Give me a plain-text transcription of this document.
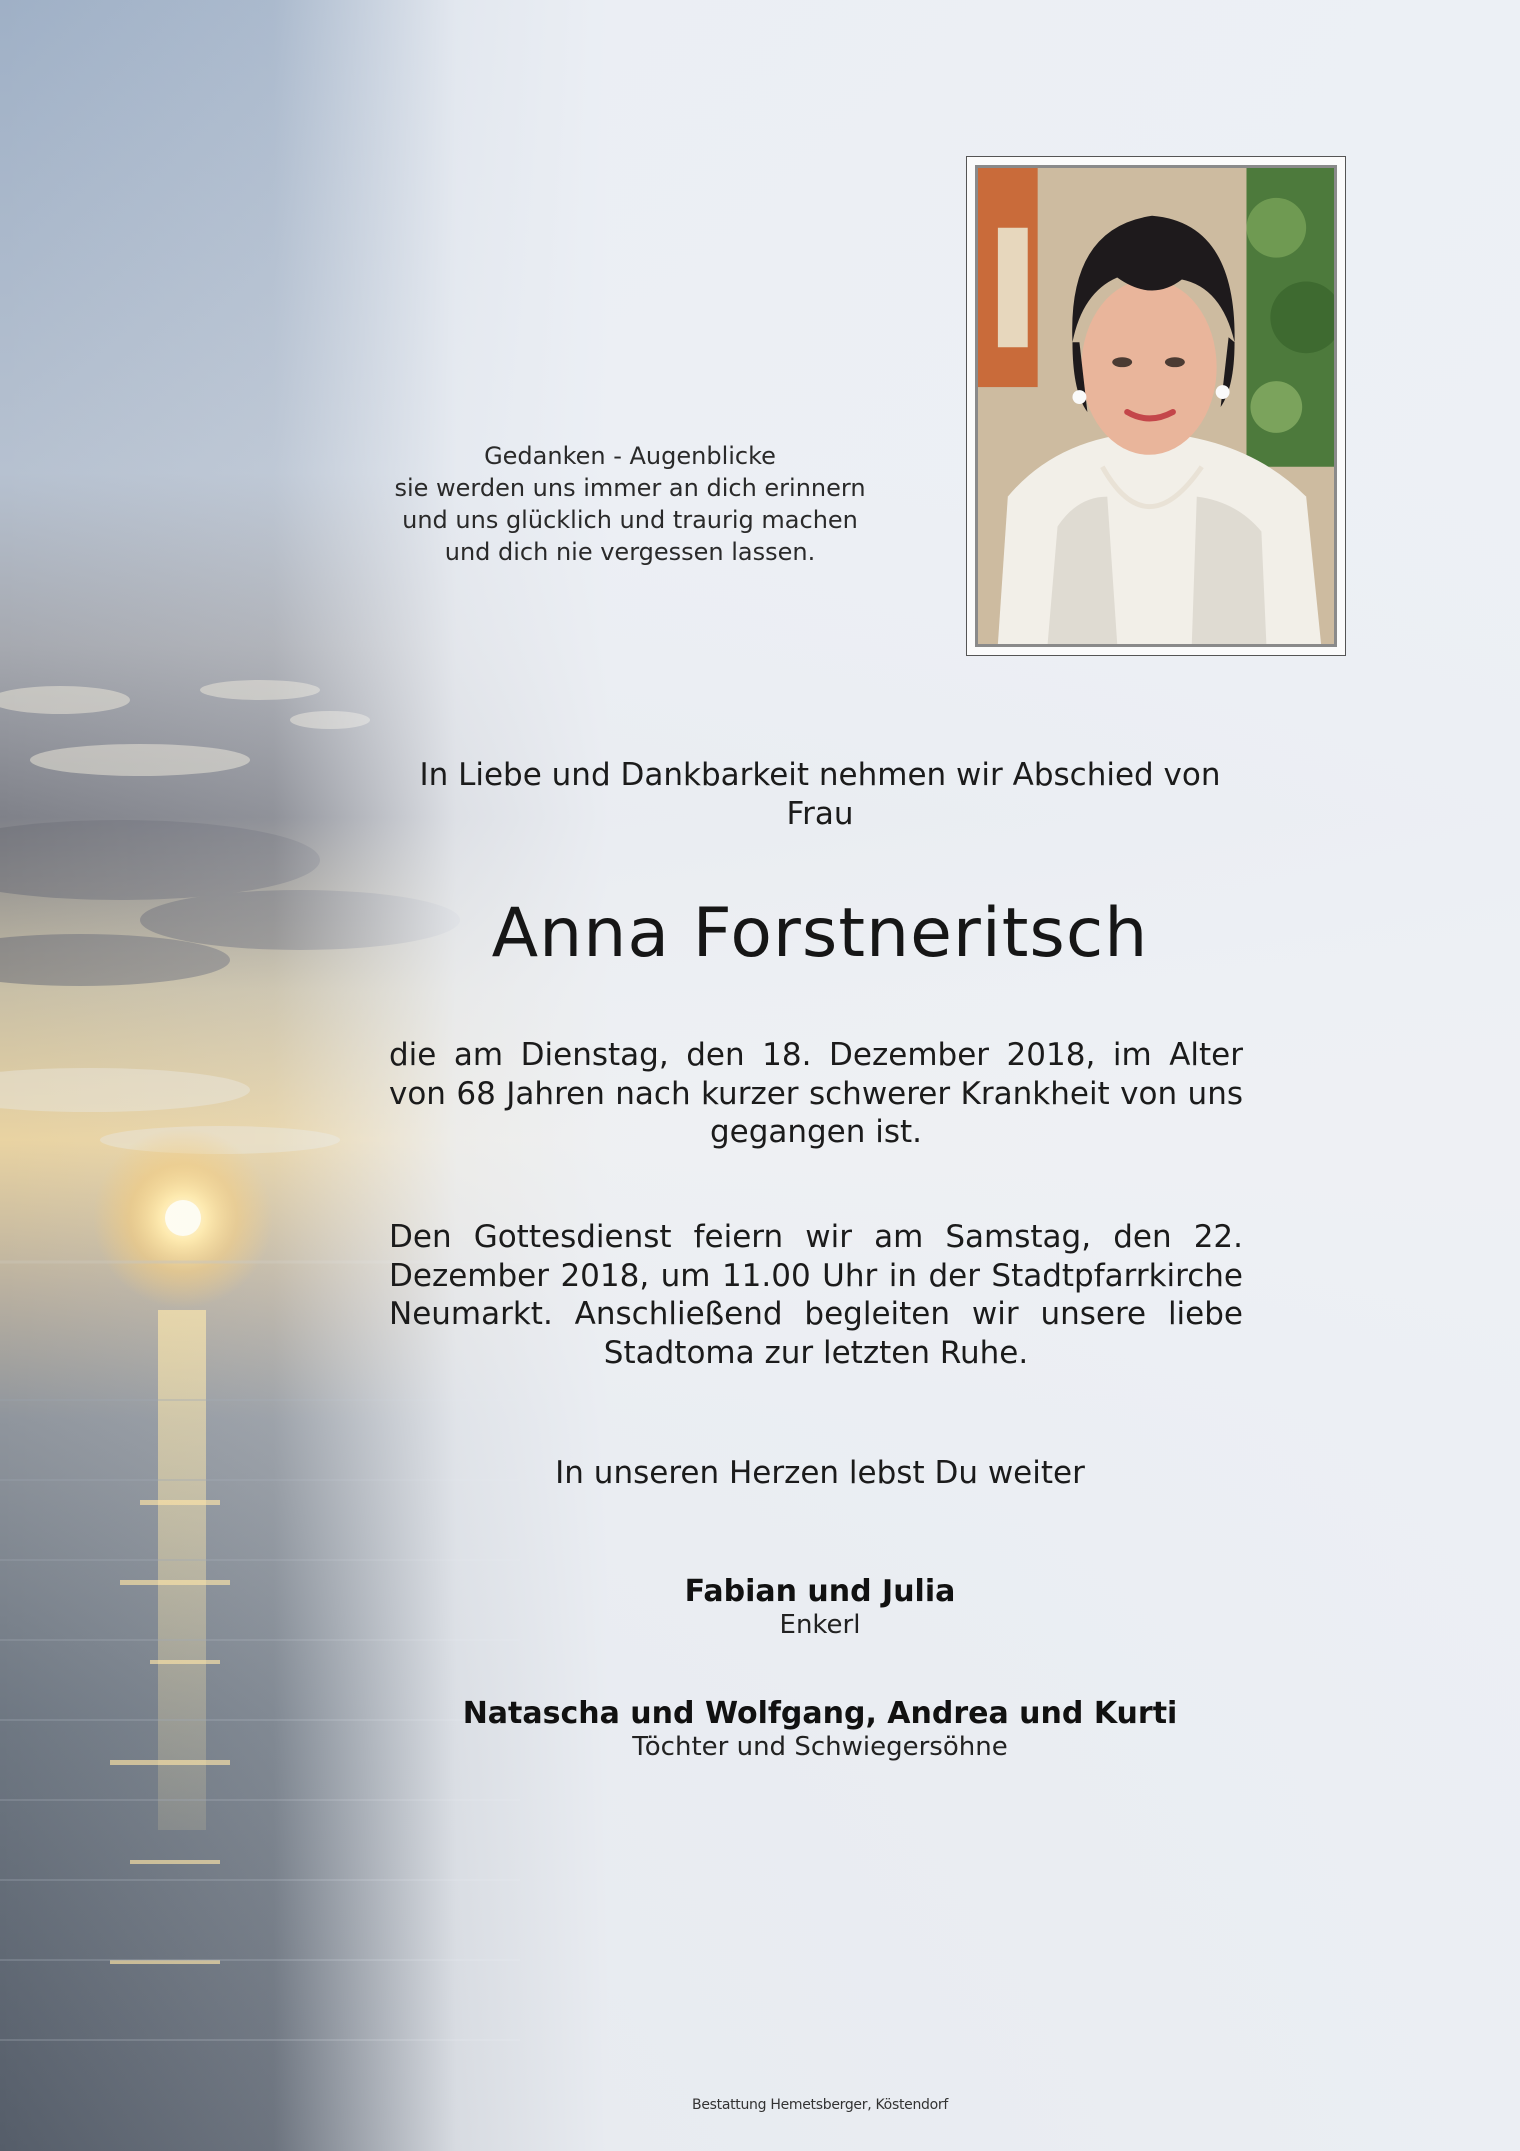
Gedanken - Augenblicke
sie werden uns immer an dich erinnern
und uns glücklich und traurig machen
und dich nie vergessen lassen.
In Liebe und Dankbarkeit nehmen wir Abschied von
Frau
Anna Forstneritsch
die am Dienstag, den 18. Dezember 2018, im Alter von 68 Jahren nach kurzer schwerer Krankheit von uns gegangen ist.
Den Gottesdienst feiern wir am Samstag, den 22. Dezember 2018, um 11.00 Uhr in der Stadtpfarrkirche Neumarkt. Anschließend begleiten wir unsere liebe Stadtoma zur letzten Ruhe.
In unseren Herzen lebst Du weiter
Fabian und Julia
Enkerl
Natascha und Wolfgang, Andrea und Kurti
Töchter und Schwiegersöhne
Bestattung Hemetsberger, Köstendorf
